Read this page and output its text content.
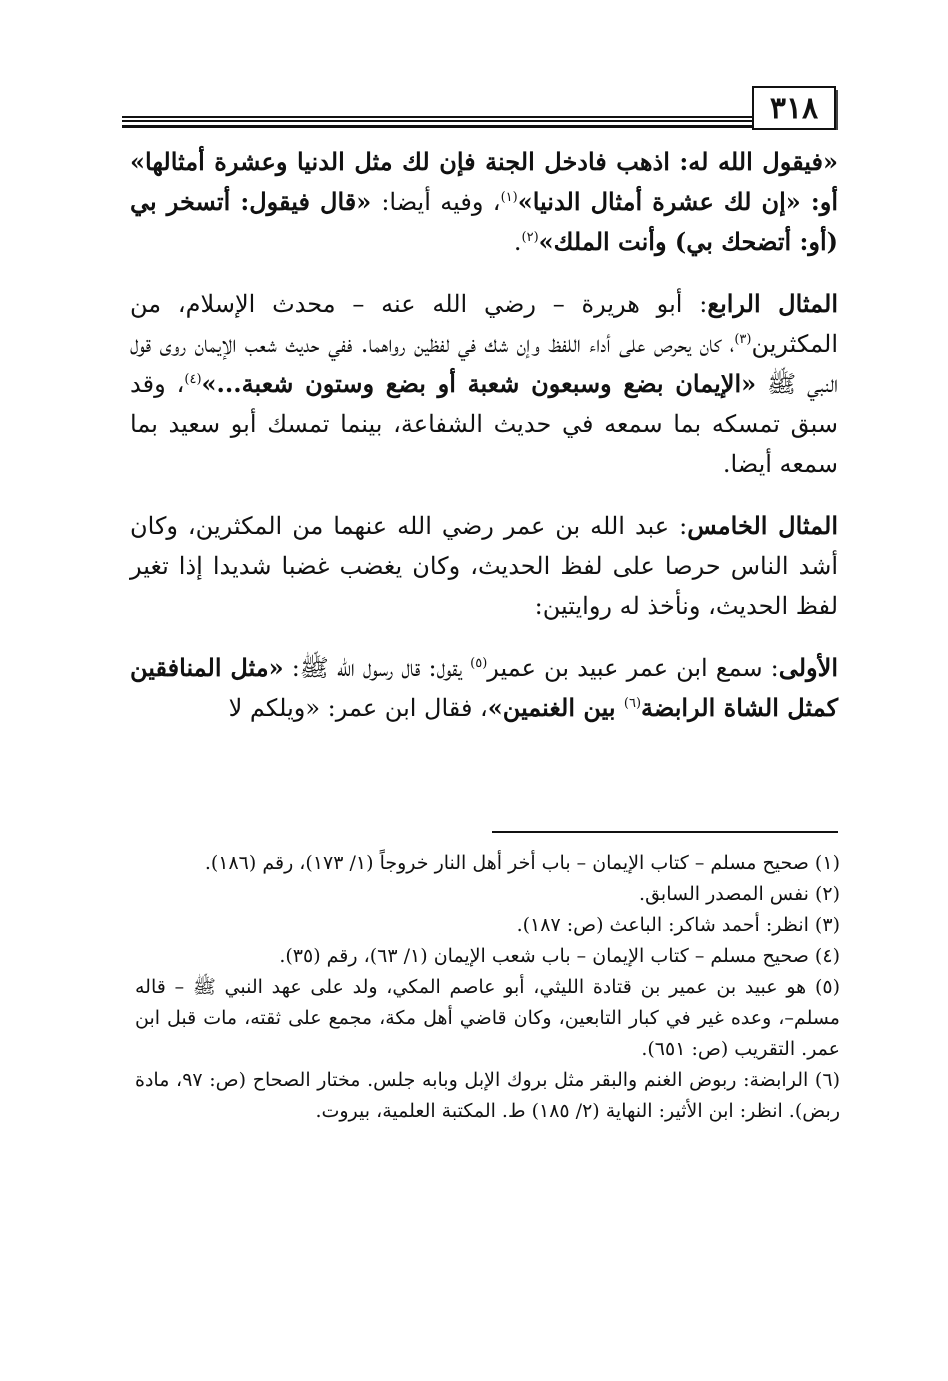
٣١٨

«فيقول الله له: اذهب فادخل الجنة فإن لك مثل الدنيا وعشرة أمثالها» أو: «إن لك عشرة أمثال الدنيا»$^{(١)}$، وفيه أيضا: «قال فيقول: أتسخر بي (أو: أتضحك بي) وأنت الملك»$^{(٢)}$.

المثال الرابع: أبو هريرة – رضي الله عنه – محدث الإسلام، من المكثرين$^{(٣)}$، كان يحرص على أداء اللفظ وإن شك في لفظين رواهما. ففي حديث شعب الإيمان روى قول النبي ﷺ «الإيمان بضع وسبعون شعبة أو بضع وستون شعبة...»$^{(٤)}$، وقد سبق تمسكه بما سمعه في حديث الشفاعة، بينما تمسك أبو سعيد بما سمعه أيضا.

المثال الخامس: عبد الله بن عمر رضي الله عنهما من المكثرين، وكان أشد الناس حرصا على لفظ الحديث، وكان يغضب غضبا شديدا إذا تغير لفظ الحديث، ونأخذ له روايتين:

الأولى: سمع ابن عمر عبيد بن عمير$^{(٥)}$ يقول: قال رسول الله ﷺ: «مثل المنافقين كمثل الشاة الرابضة$^{(٦)}$ بين الغنمين»، فقال ابن عمر: «ويلكم لا

(١) صحيح مسلم – كتاب الإيمان – باب أخر أهل النار خروجاً (١/ ١٧٣)، رقم (١٨٦).

(٢) نفس المصدر السابق.

(٣) انظر: أحمد شاكر: الباعث (ص: ١٨٧).

(٤) صحيح مسلم – كتاب الإيمان – باب شعب الإيمان (١/ ٦٣)، رقم (٣٥).

(٥) هو عبيد بن عمير بن قتادة الليثي، أبو عاصم المكي، ولد على عهد النبي ﷺ – قاله مسلم–، وعده غير في كبار التابعين، وكان قاضي أهل مكة، مجمع على ثقته، مات قبل ابن عمر. التقريب (ص: ٦٥١).

(٦) الرابضة: ربوض الغنم والبقر مثل بروك الإبل وبابه جلس. مختار الصحاح (ص: ٩٧، مادة ربض). انظر: ابن الأثير: النهاية (٢/ ١٨٥) ط. المكتبة العلمية، بيروت.
